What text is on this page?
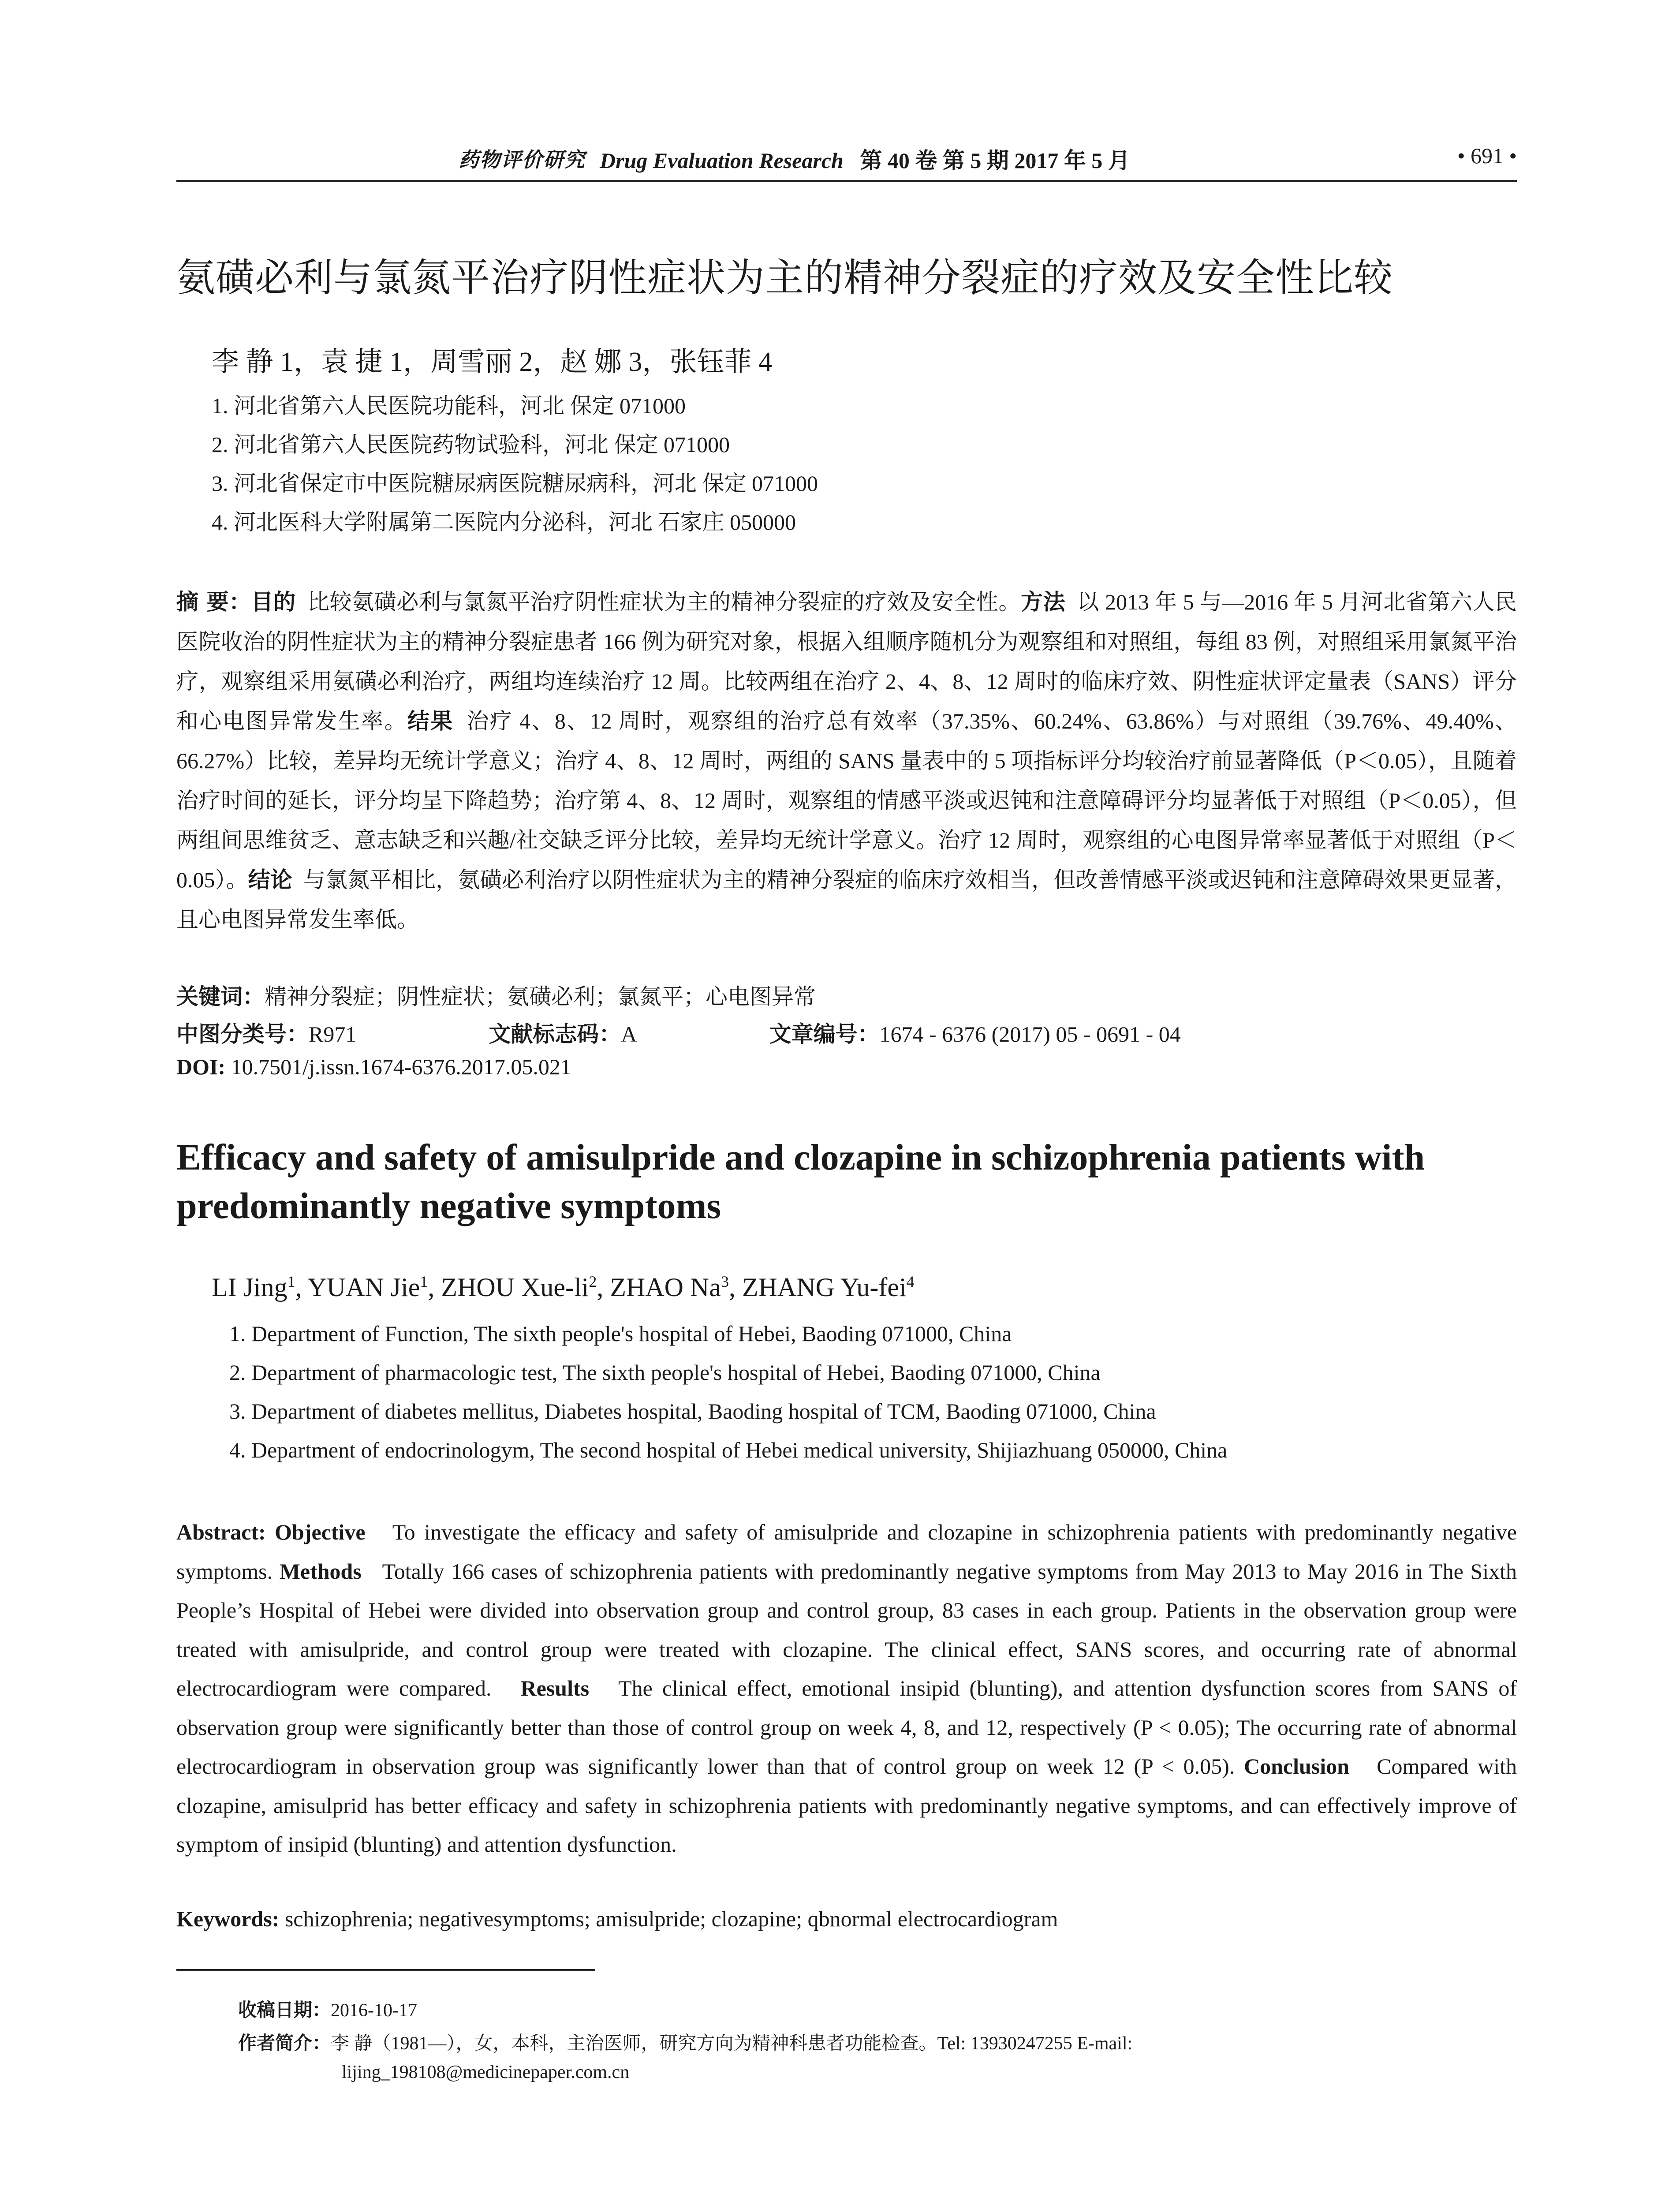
药物评价研究 Drug Evaluation Research 第 40 卷 第 5 期 2017 年 5 月	• 691 •
氨磺必利与氯氮平治疗阴性症状为主的精神分裂症的疗效及安全性比较
李 静 1，袁 捷 1，周雪丽 2，赵 娜 3，张钰菲 4
1. 河北省第六人民医院功能科，河北 保定 071000
2. 河北省第六人民医院药物试验科，河北 保定 071000
3. 河北省保定市中医院糖尿病医院糖尿病科，河北 保定 071000
4. 河北医科大学附属第二医院内分泌科，河北 石家庄 050000
摘 要：目的 比较氨磺必利与氯氮平治疗阴性症状为主的精神分裂症的疗效及安全性。方法 以 2013 年 5 与—2016 年 5 月河北省第六人民医院收治的阴性症状为主的精神分裂症患者 166 例为研究对象，根据入组顺序随机分为观察组和对照组，每组 83 例，对照组采用氯氮平治疗，观察组采用氨磺必利治疗，两组均连续治疗 12 周。比较两组在治疗 2、4、8、12 周时的临床疗效、阴性症状评定量表（SANS）评分和心电图异常发生率。结果 治疗 4、8、12 周时，观察组的治疗总有效率（37.35%、60.24%、63.86%）与对照组（39.76%、49.40%、66.27%）比较，差异均无统计学意义；治疗 4、8、12 周时，两组的 SANS 量表中的 5 项指标评分均较治疗前显著降低（P＜0.05），且随着治疗时间的延长，评分均呈下降趋势；治疗第 4、8、12 周时，观察组的情感平淡或迟钝和注意障碍评分均显著低于对照组（P＜0.05），但两组间思维贫乏、意志缺乏和兴趣/社交缺乏评分比较，差异均无统计学意义。治疗 12 周时，观察组的心电图异常率显著低于对照组（P＜0.05）。结论 与氯氮平相比，氨磺必利治疗以阴性症状为主的精神分裂症的临床疗效相当，但改善情感平淡或迟钝和注意障碍效果更显著，且心电图异常发生率低。
关键词：精神分裂症；阴性症状；氨磺必利；氯氮平；心电图异常
中图分类号：R971	文献标志码：A	文章编号：1674 - 6376 (2017) 05 - 0691 - 04
DOI: 10.7501/j.issn.1674-6376.2017.05.021
Efficacy and safety of amisulpride and clozapine in schizophrenia patients with predominantly negative symptoms
LI Jing$^1$, YUAN Jie$^1$, ZHOU Xue-$li^2$, ZHAO Na$^3$, ZHANG Yu-fei$^4$
1. Department of Function, The sixth people's hospital of Hebei, Baoding 071000, China
2. Department of pharmacologic test, The sixth people's hospital of Hebei, Baoding 071000, China
3. Department of diabetes mellitus, Diabetes hospital, Baoding hospital of TCM, Baoding 071000, China
4. Department of endocrinologym, The second hospital of Hebei medical university, Shijiazhuang 050000, China
Abstract: Objective To investigate the efficacy and safety of amisulpride and clozapine in schizophrenia patients with predominantly negative symptoms. Methods Totally 166 cases of schizophrenia patients with predominantly negative symptoms from May 2013 to May 2016 in The Sixth People’s Hospital of Hebei were divided into observation group and control group, 83 cases in each group. Patients in the observation group were treated with amisulpride, and control group were treated with clozapine. The clinical effect, SANS scores, and occurring rate of abnormal electrocardiogram were compared. Results The clinical effect, emotional insipid (blunting), and attention dysfunction scores from SANS of observation group were significantly better than those of control group on week 4, 8, and 12, respectively (P < 0.05); The occurring rate of abnormal electrocardiogram in observation group was significantly lower than that of control group on week 12 (P < 0.05). Conclusion Compared with clozapine, amisulprid has better efficacy and safety in schizophrenia patients with predominantly negative symptoms, and can effectively improve of symptom of insipid (blunting) and attention dysfunction.
Keywords: schizophrenia; negativesymptoms; amisulpride; clozapine; qbnormal electrocardiogram
收稿日期：2016-10-17
作者简介：李 静（1981—），女，本科，主治医师，研究方向为精神科患者功能检查。Tel: 13930247255 E-mail:
lijing_198108@medicinepaper.com.cn
